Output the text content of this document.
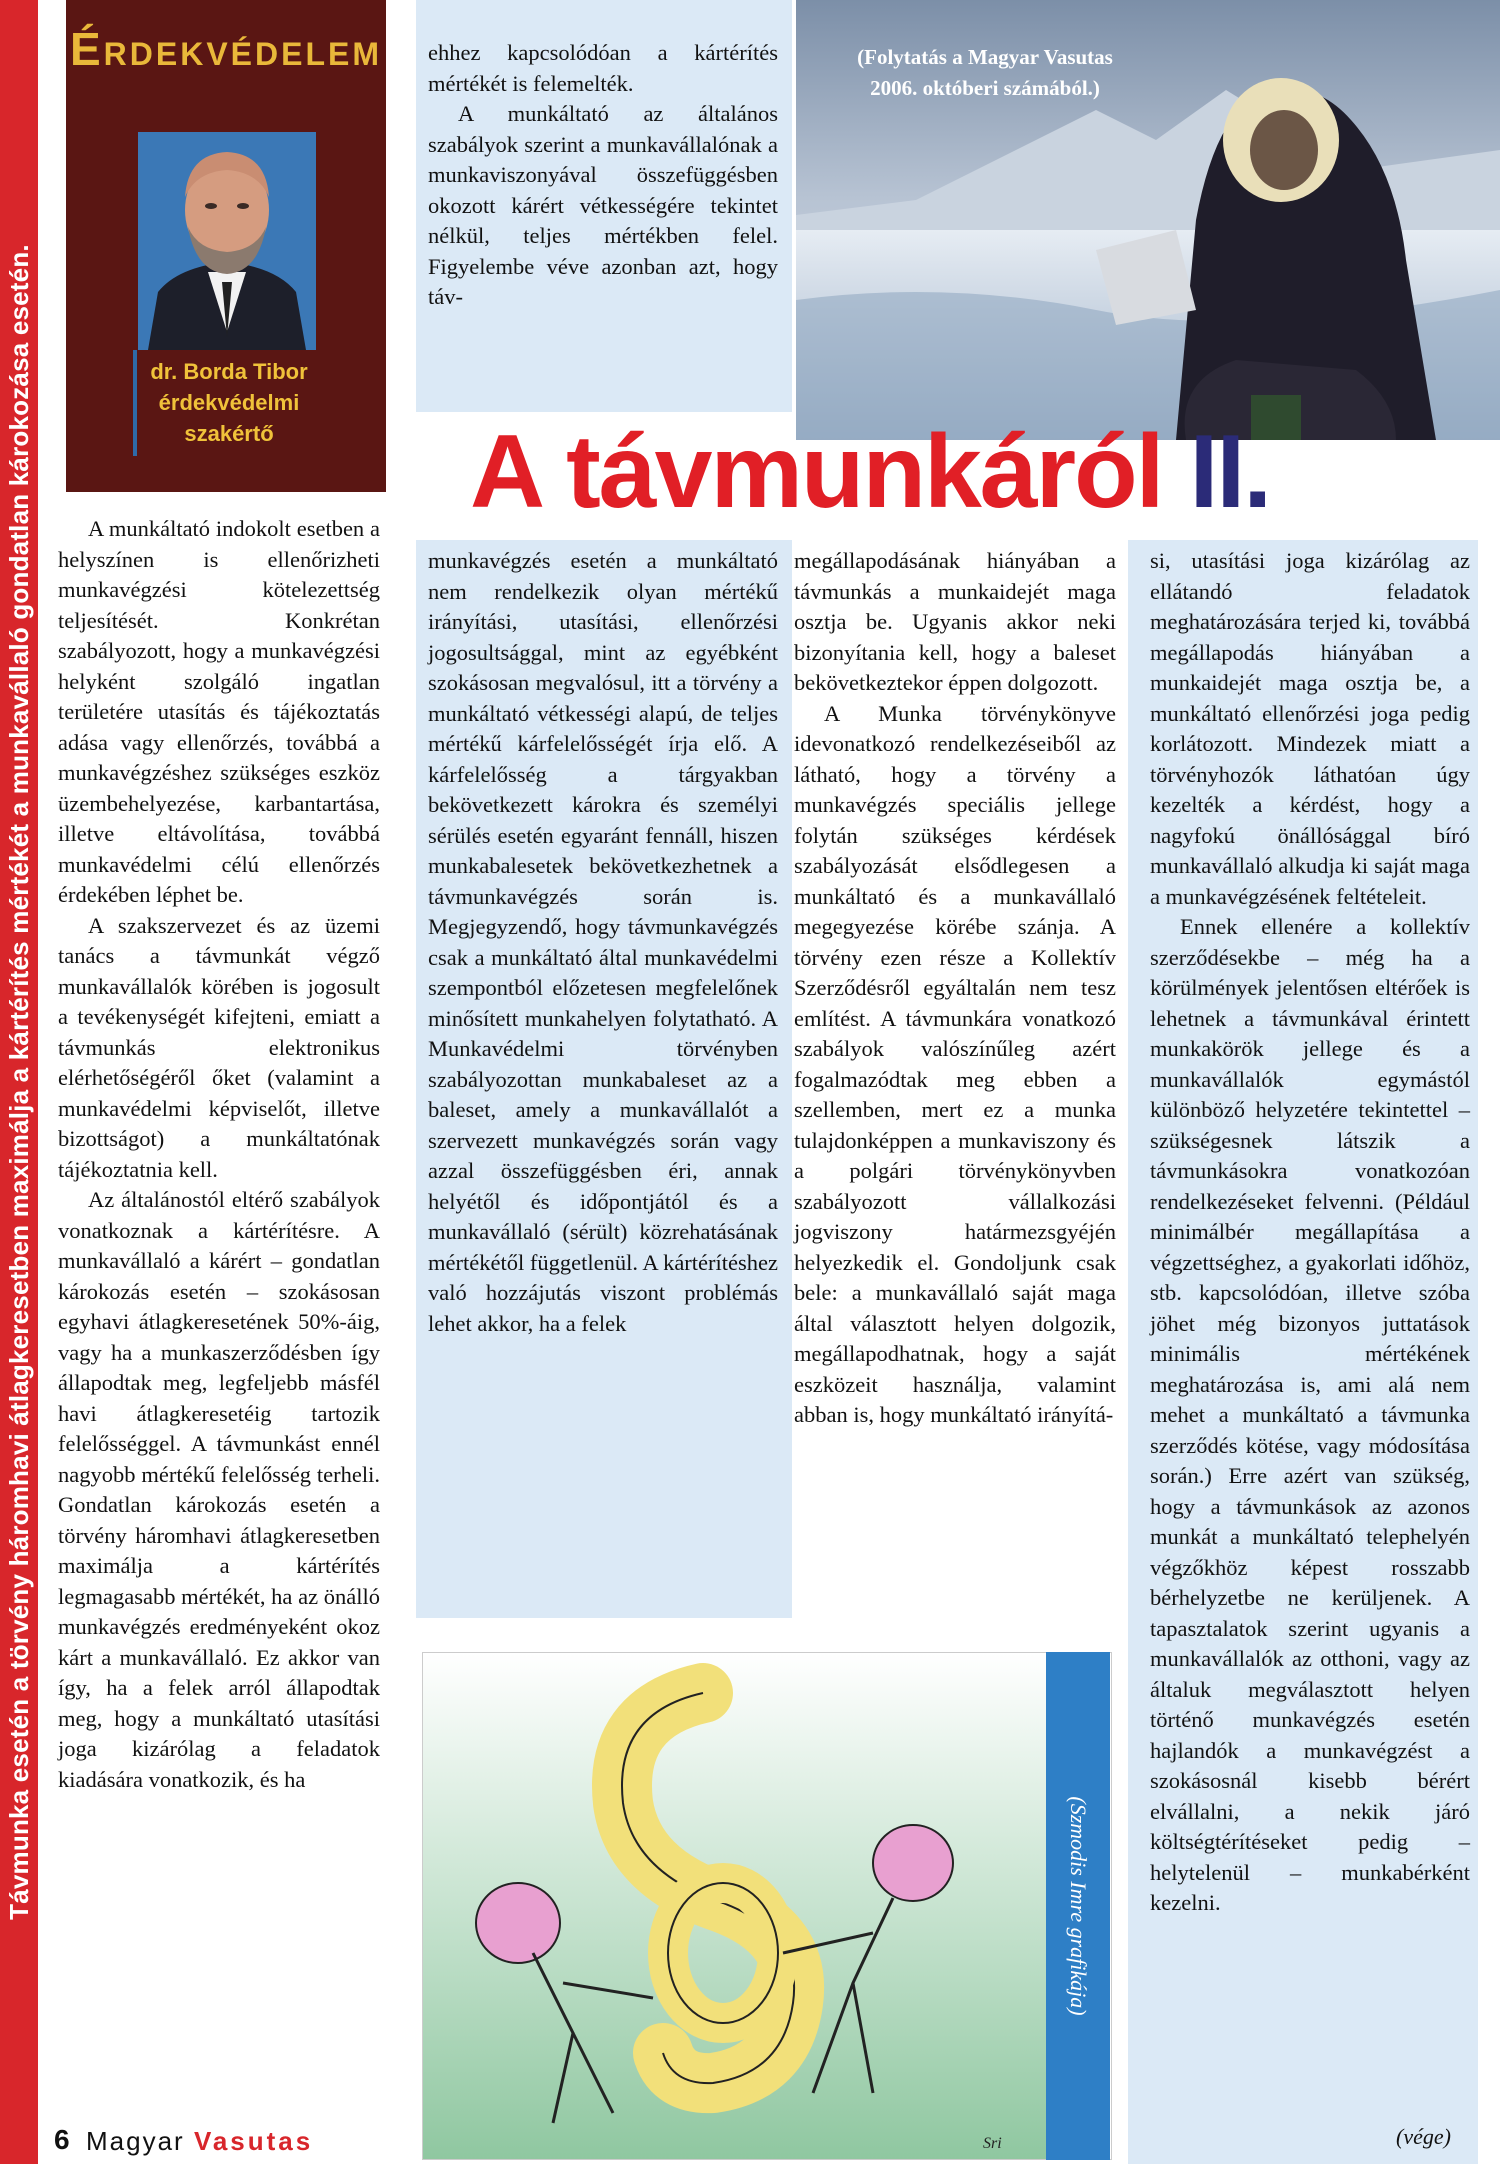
Távmunka esetén a törvény háromhavi átlagkeresetben maximálja a kártérítés mértékét a munkavállaló gondatlan károkozása esetén.
Érdekvédelem
dr. Borda Tibor
érdekvédelmi
szakértő
(Folytatás a Magyar Vasutas
2006. októberi számából.)
A távmunkáról II.

ehhez kapcsolódóan a kártérítés mértékét is felemelték.

A munkáltató az általános szabályok szerint a munkavállalónak a munkaviszonyával összefüggésben okozott kárért vétkességére tekintet nélkül, teljes mértékben felel. Figyelembe véve azonban azt, hogy táv-

A munkáltató indokolt esetben a helyszínen is ellenőrizheti munkavégzési kötelezettség teljesítését. Konkrétan szabályozott, hogy a munkavégzési helyként szolgáló ingatlan területére utasítás és tájékoztatás adása vagy ellenőrzés, továbbá a munkavégzéshez szükséges eszköz üzembehelyezése, karbantartása, illetve eltávolítása, továbbá munkavédelmi célú ellenőrzés érdekében léphet be.

A szakszervezet és az üzemi tanács a távmunkát végző munkavállalók körében is jogosult a tevékenységét kifejteni, emiatt a távmunkás elektronikus elérhetőségéről őket (valamint a munkavédelmi képviselőt, illetve bizottságot) a munkáltatónak tájékoztatnia kell.

Az általánostól eltérő szabályok vonatkoznak a kártérítésre. A munkavállaló a kárért – gondatlan károkozás esetén – szokásosan egyhavi átlagkeresetének 50%-áig, vagy ha a munkaszerződésben így állapodtak meg, legfeljebb másfél havi átlagkeresetéig tartozik felelősséggel. A távmunkást ennél nagyobb mértékű felelősség terheli. Gondatlan károkozás esetén a törvény háromhavi átlagkeresetben maximálja a kártérítés legmagasabb mértékét, ha az önálló munkavégzés eredményeként okoz kárt a munkavállaló. Ez akkor van így, ha a felek arról állapodtak meg, hogy a munkáltató utasítási joga kizárólag a feladatok kiadására vonatkozik, és ha

munkavégzés esetén a munkáltató nem rendelkezik olyan mértékű irányítási, utasítási, ellenőrzési jogosultsággal, mint az egyébként szokásosan megvalósul, itt a törvény a munkáltató vétkességi alapú, de teljes mértékű kárfelelősségét írja elő. A kárfelelősség a tárgyakban bekövetkezett károkra és személyi sérülés esetén egyaránt fennáll, hiszen munkabalesetek bekövetkezhetnek a távmunkavégzés során is. Megjegyzendő, hogy távmunkavégzés csak a munkáltató által munkavédelmi szempontból előzetesen megfelelőnek minősített munkahelyen folytatható. A Munkavédelmi törvényben szabályozottan munkabaleset az a baleset, amely a munkavállalót a szervezett munkavégzés során vagy azzal összefüggésben éri, annak helyétől és időpontjától és a munkavállaló (sérült) közrehatásának mértékétől függetlenül. A kártérítéshez való hozzájutás viszont problémás lehet akkor, ha a felek

megállapodásának hiányában a távmunkás a munkaidejét maga osztja be. Ugyanis akkor neki bizonyítania kell, hogy a baleset bekövetkeztekor éppen dolgozott.

A Munka törvénykönyve idevonatkozó rendelkezéseiből az látható, hogy a törvény a munkavégzés speciális jellege folytán szükséges kérdések szabályozását elsődlegesen a munkáltató és a munkavállaló megegyezése körébe szánja. A törvény ezen része a Kollektív Szerződésről egyáltalán nem tesz említést. A távmunkára vonatkozó szabályok valószínűleg azért fogalmazódtak meg ebben a szellemben, mert ez a munka tulajdonképpen a munkaviszony és a polgári törvénykönyvben szabályozott vállalkozási jogviszony határmezsgyéjén helyezkedik el. Gondoljunk csak bele: a munkavállaló saját maga által választott helyen dolgozik, megállapodhatnak, hogy a saját eszközeit használja, valamint abban is, hogy munkáltató irányítá-

si, utasítási joga kizárólag az ellátandó feladatok meghatározására terjed ki, továbbá megállapodás hiányában a munkaidejét maga osztja be, a munkáltató ellenőrzési joga pedig korlátozott. Mindezek miatt a törvényhozók láthatóan úgy kezelték a kérdést, hogy a nagyfokú önállósággal bíró munkavállaló alkudja ki saját maga a munkavégzésének feltételeit.

Ennek ellenére a kollektív szerződésekbe – még ha a körülmények jelentősen eltérőek is lehetnek a távmunkával érintett munkakörök jellege és a munkavállalók egymástól különböző helyzetére tekintettel – szükségesnek látszik a távmunkásokra vonatkozóan rendelkezéseket felvenni. (Például minimálbér megállapítása a végzettséghez, a gyakorlati időhöz, stb. kapcsolódóan, illetve szóba jöhet még bizonyos juttatások minimális mértékének meghatározása is, ami alá nem mehet a munkáltató a távmunka szerződés kötése, vagy módosítása során.) Erre azért van szükség, hogy a távmunkások az azonos munkát a munkáltató telephelyén végzőkhöz képest rosszabb bérhelyzetbe ne kerüljenek. A tapasztalatok szerint ugyanis a munkavállalók az otthoni, vagy az általuk megválasztott helyen történő munkavégzés esetén hajlandók a munkavégzést a szokásosnál kisebb bérért elvállalni, a nekik járó költségtérítéseket pedig – helytelenül – munkabérként kezelni.

Sri
(Szmodis Imre grafikája)
6 Magyar Vasutas	(vége)
